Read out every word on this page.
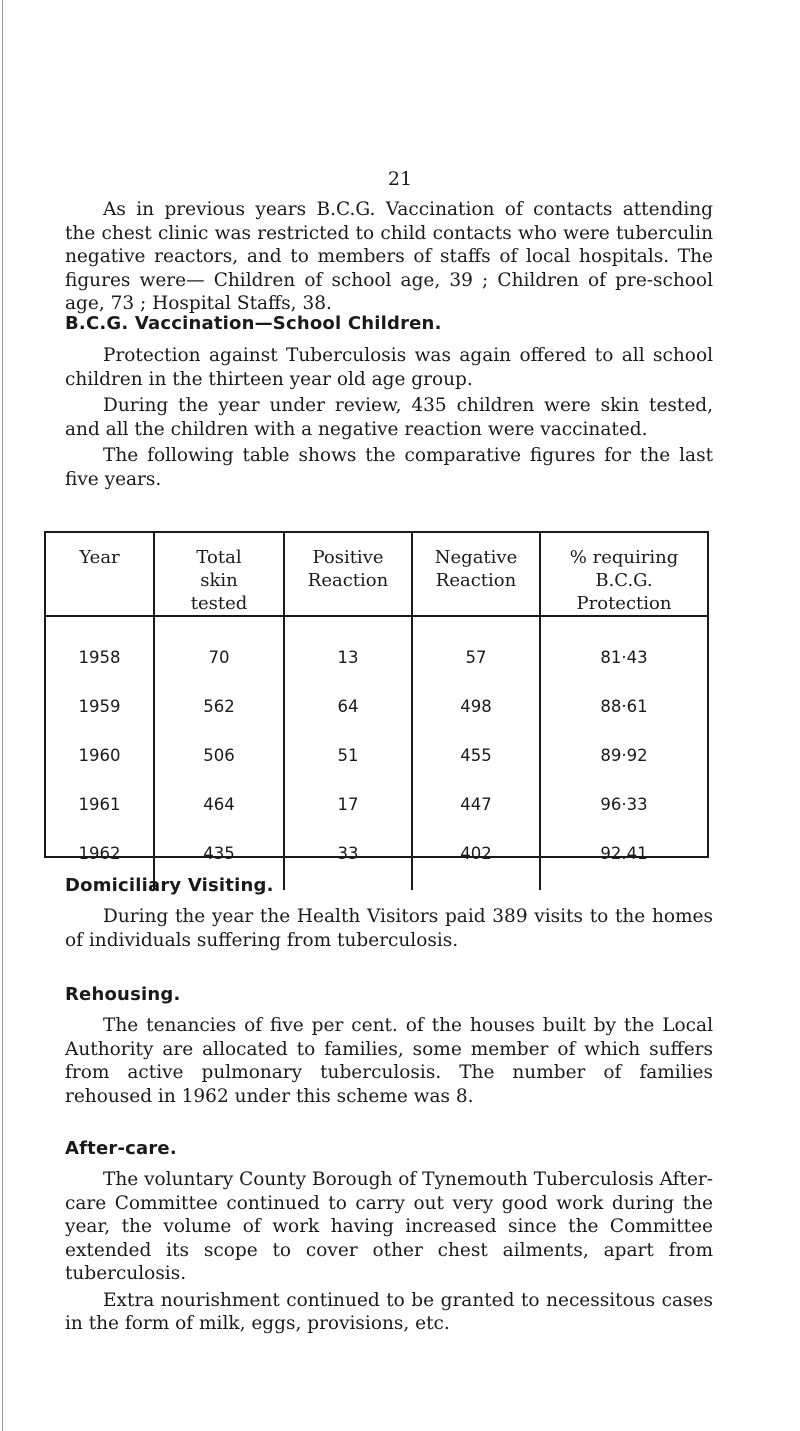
21

As in previous years B.C.G. Vaccination of contacts attending the chest clinic was restricted to child contacts who were tuberculin negative reactors, and to members of staffs of local hospitals. The figures were— Children of school age, 39 ; Children of pre-school age, 73 ; Hospital Staffs, 38.

B.C.G. Vaccination—School Children.

Protection against Tuberculosis was again offered to all school children in the thirteen year old age group.

During the year under review, 435 children were skin tested, and all the children with a negative reaction were vaccinated.

The following table shows the comparative figures for the last five years.

Year	Total skin tested	Positive Reaction	Negative Reaction	% requiring B.C.G. Protection
1958	70	13	57	81·43
1959	562	64	498	88·61
1960	506	51	455	89·92
1961	464	17	447	96·33
1962	435	33	402	92.41
Domiciliary Visiting.

During the year the Health Visitors paid 389 visits to the homes of individuals suffering from tuberculosis.

Rehousing.

The tenancies of five per cent. of the houses built by the Local Authority are allocated to families, some member of which suffers from active pulmonary tuberculosis. The number of families rehoused in 1962 under this scheme was 8.

After-care.

The voluntary County Borough of Tynemouth Tuberculosis After-care Committee continued to carry out very good work during the year, the volume of work having increased since the Committee extended its scope to cover other chest ailments, apart from tuberculosis.

Extra nourishment continued to be granted to necessitous cases in the form of milk, eggs, provisions, etc.
